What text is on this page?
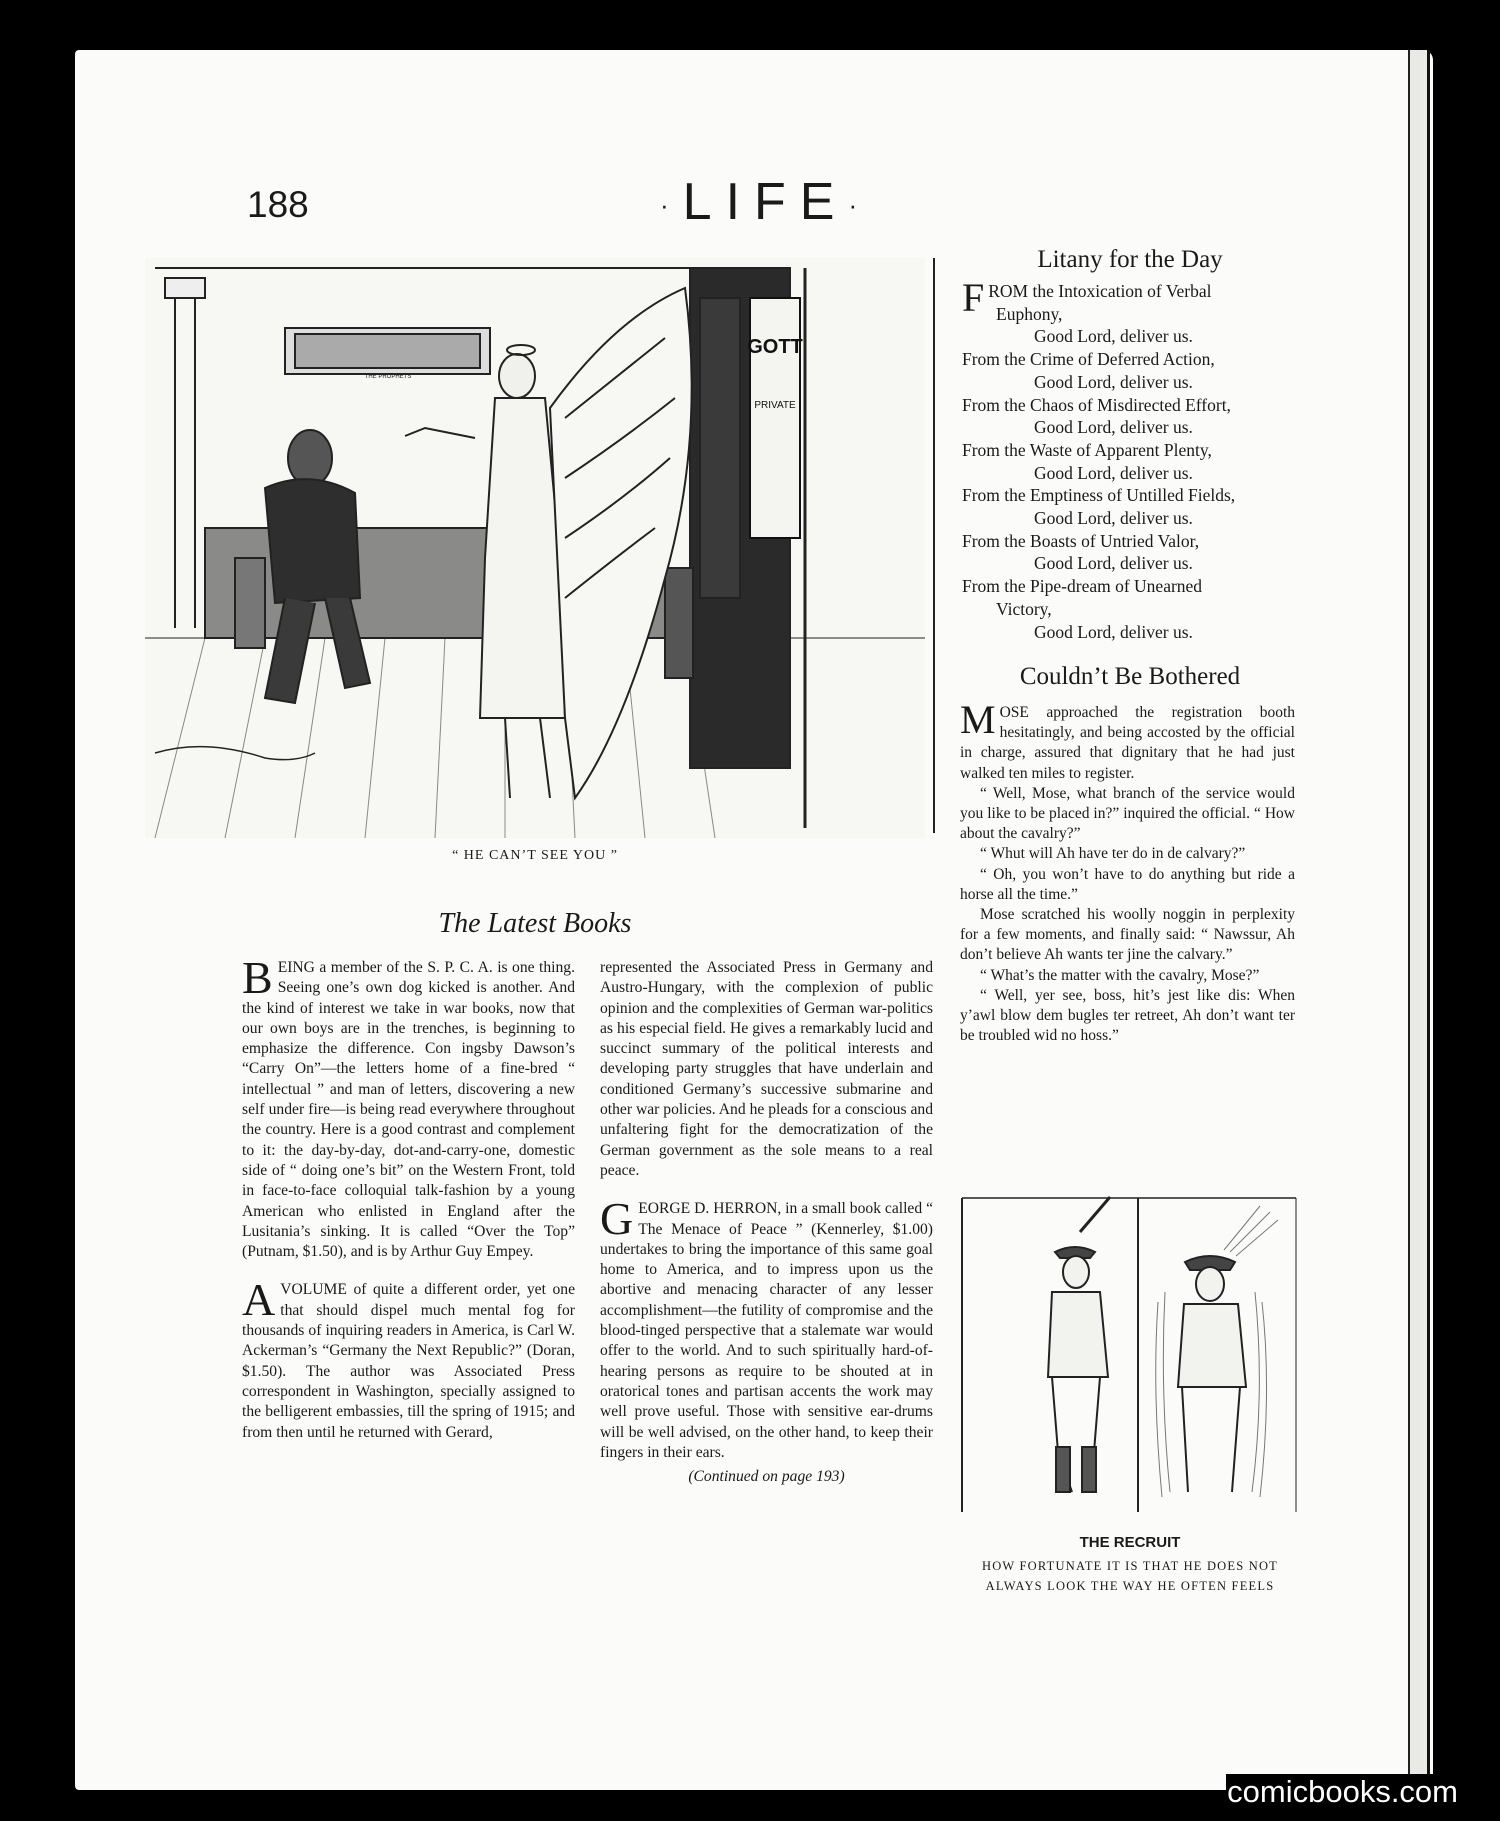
188	·LIFE·
THE PROPHETS
GOTT
PRIVATE
“ HE CAN’T SEE YOU ”
The Latest Books

BEING a member of the S. P. C. A. is one thing. Seeing one’s own dog kicked is another. And the kind of interest we take in war books, now that our own boys are in the trenches, is beginning to emphasize the difference. Con ingsby Dawson’s “Carry On”—the letters home of a fine-bred “ intellectual ” and man of letters, discovering a new self under fire—is being read everywhere throughout the country. Here is a good contrast and complement to it: the day-by-day, dot-and-carry-one, domestic side of “ doing one’s bit” on the Western Front, told in face-to-face colloquial talk-fashion by a young American who enlisted in England after the Lusitania’s sinking. It is called “Over the Top” (Putnam, $1.50), and is by Arthur Guy Empey.

AVOLUME of quite a different order, yet one that should dispel much mental fog for thousands of inquiring readers in America, is Carl W. Ackerman’s “Germany the Next Republic?” (Doran, $1.50). The author was Associated Press correspondent in Washington, specially assigned to the belligerent embassies, till the spring of 1915; and from then until he returned with Gerard,

represented the Associated Press in Germany and Austro-Hungary, with the complexion of public opinion and the complexities of German war-politics as his especial field. He gives a remarkably lucid and succinct summary of the political interests and developing party struggles that have underlain and conditioned Germany’s successive submarine and other war policies. And he pleads for a conscious and unfaltering fight for the democratization of the German government as the sole means to a real peace.

GEORGE D. HERRON, in a small book called “ The Menace of Peace ” (Kennerley, $1.00) undertakes to bring the importance of this same goal home to America, and to impress upon us the abortive and menacing character of any lesser accomplishment—the futility of compromise and the blood-tinged perspective that a stalemate war would offer to the world. And to such spiritually hard-of-hearing persons as require to be shouted at in oratorical tones and partisan accents the work may well prove useful. Those with sensitive ear-drums will be well advised, on the other hand, to keep their fingers in their ears.

(Continued on page 193)

Litany for the Day
FROM the Intoxication of Verbal
Euphony,
Good Lord, deliver us.
From the Crime of Deferred Action,
Good Lord, deliver us.
From the Chaos of Misdirected Effort,
Good Lord, deliver us.
From the Waste of Apparent Plenty,
Good Lord, deliver us.
From the Emptiness of Untilled Fields,
Good Lord, deliver us.
From the Boasts of Untried Valor,
Good Lord, deliver us.
From the Pipe-dream of Unearned
Victory,
Good Lord, deliver us.
Couldn’t Be Bothered

MOSE approached the registration booth hesitatingly, and being accosted by the official in charge, assured that dignitary that he had just walked ten miles to register.

“ Well, Mose, what branch of the service would you like to be placed in?” inquired the official. “ How about the cavalry?”

“ Whut will Ah have ter do in de calvary?”

“ Oh, you won’t have to do anything but ride a horse all the time.”

Mose scratched his woolly noggin in perplexity for a few moments, and finally said: “ Nawssur, Ah don’t believe Ah wants ter jine the calvary.”

“ What’s the matter with the cavalry, Mose?”

“ Well, yer see, boss, hit’s jest like dis: When y’awl blow dem bugles ter retreet, Ah don’t want ter be troubled wid no hoss.”

THE RECRUIT
HOW FORTUNATE IT IS THAT HE DOES NOT
ALWAYS LOOK THE WAY HE OFTEN FEELS
comicbooks.com
